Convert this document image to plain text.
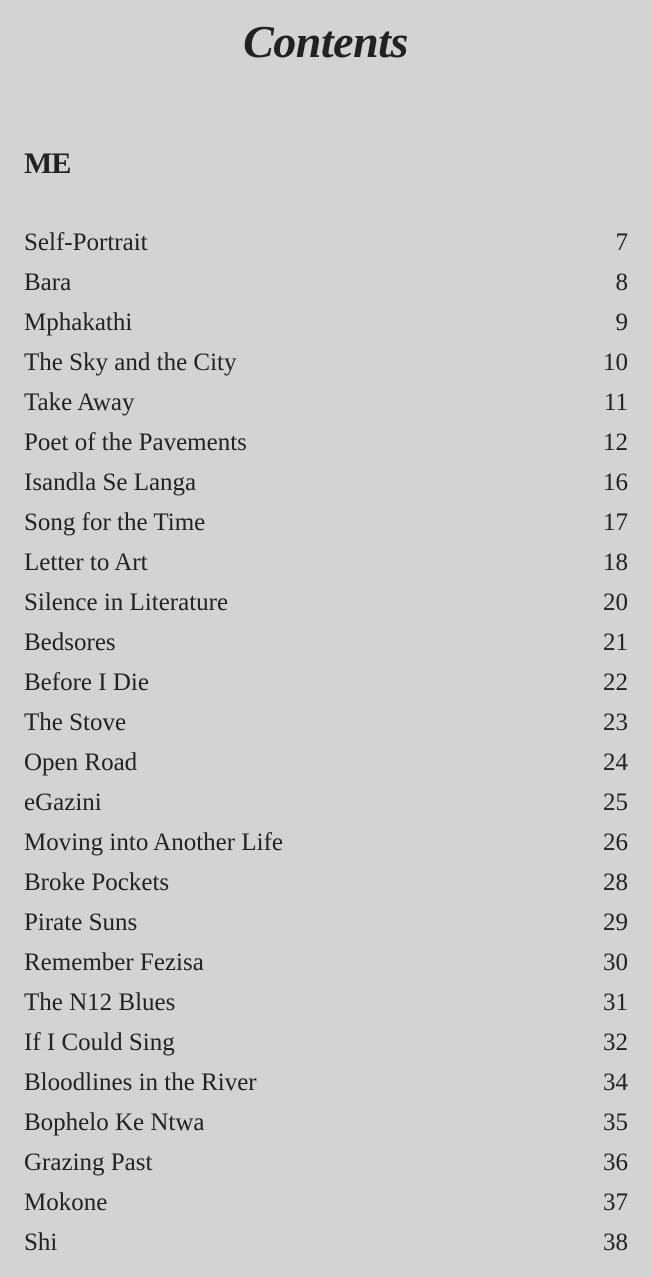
Contents
ME
Self-Portrait	7
Bara	8
Mphakathi	9
The Sky and the City	10
Take Away	11
Poet of the Pavements	12
Isandla Se Langa	16
Song for the Time	17
Letter to Art	18
Silence in Literature	20
Bedsores	21
Before I Die	22
The Stove	23
Open Road	24
eGazini	25
Moving into Another Life	26
Broke Pockets	28
Pirate Suns	29
Remember Fezisa	30
The N12 Blues	31
If I Could Sing	32
Bloodlines in the River	34
Bophelo Ke Ntwa	35
Grazing Past	36
Mokone	37
Shi	38
